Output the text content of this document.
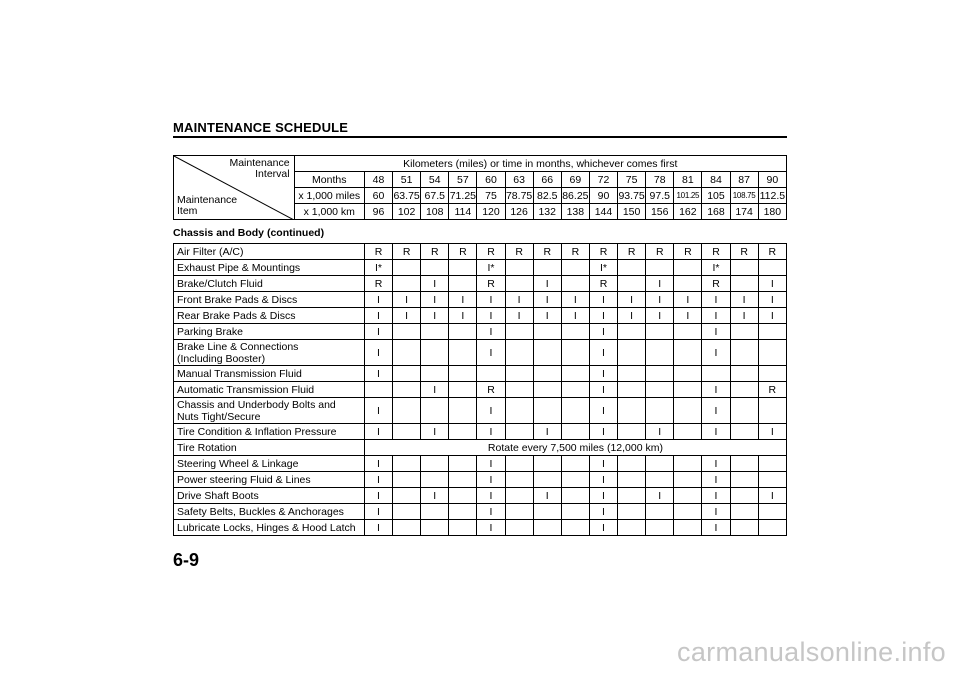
MAINTENANCE SCHEDULE
Maintenance
Interval
Maintenance
Item	Kilometers (miles) or time in months, whichever comes first															
	Months	48	51	54	57	60	63	66	69	72	75	78	81	84	87	90
	x 1,000 miles	60	63.75	67.5	71.25	75	78.75	82.5	86.25	90	93.75	97.5	101.25	105	108.75	112.5
	x 1,000 km	96	102	108	114	120	126	132	138	144	150	156	162	168	174	180
Chassis and Body (continued)
Air Filter (A/C)	R	R	R	R	R	R	R	R	R	R	R	R	R	R	R

Exhaust Pipe & Mountings	I*				I*				I*				I*		

Brake/Clutch Fluid	R		I		R		I		R		I		R		I

Front Brake Pads & Discs	I	I	I	I	I	I	I	I	I	I	I	I	I	I	I

Rear Brake Pads & Discs	I	I	I	I	I	I	I	I	I	I	I	I	I	I	I

Parking Brake	I				I				I				I		

Brake Line & Connections
(Including Booster)	I				I				I				I		

Manual Transmission Fluid	I								I						

Automatic Transmission Fluid			I		R				I				I		R

Chassis and Underbody Bolts and
Nuts Tight/Secure	I				I				I				I		

Tire Condition & Inflation Pressure	I		I		I		I		I		I		I		I

Tire Rotation	Rotate every 7,500 miles (12,000 km)														

Steering Wheel & Linkage	I				I				I				I		

Power steering Fluid & Lines	I				I				I				I		

Drive Shaft Boots	I		I		I		I		I		I		I		I

Safety Belts, Buckles & Anchorages	I				I				I				I		

Lubricate Locks, Hinges & Hood Latch	I				I				I				I		
6-9
carmanualsonline.info
